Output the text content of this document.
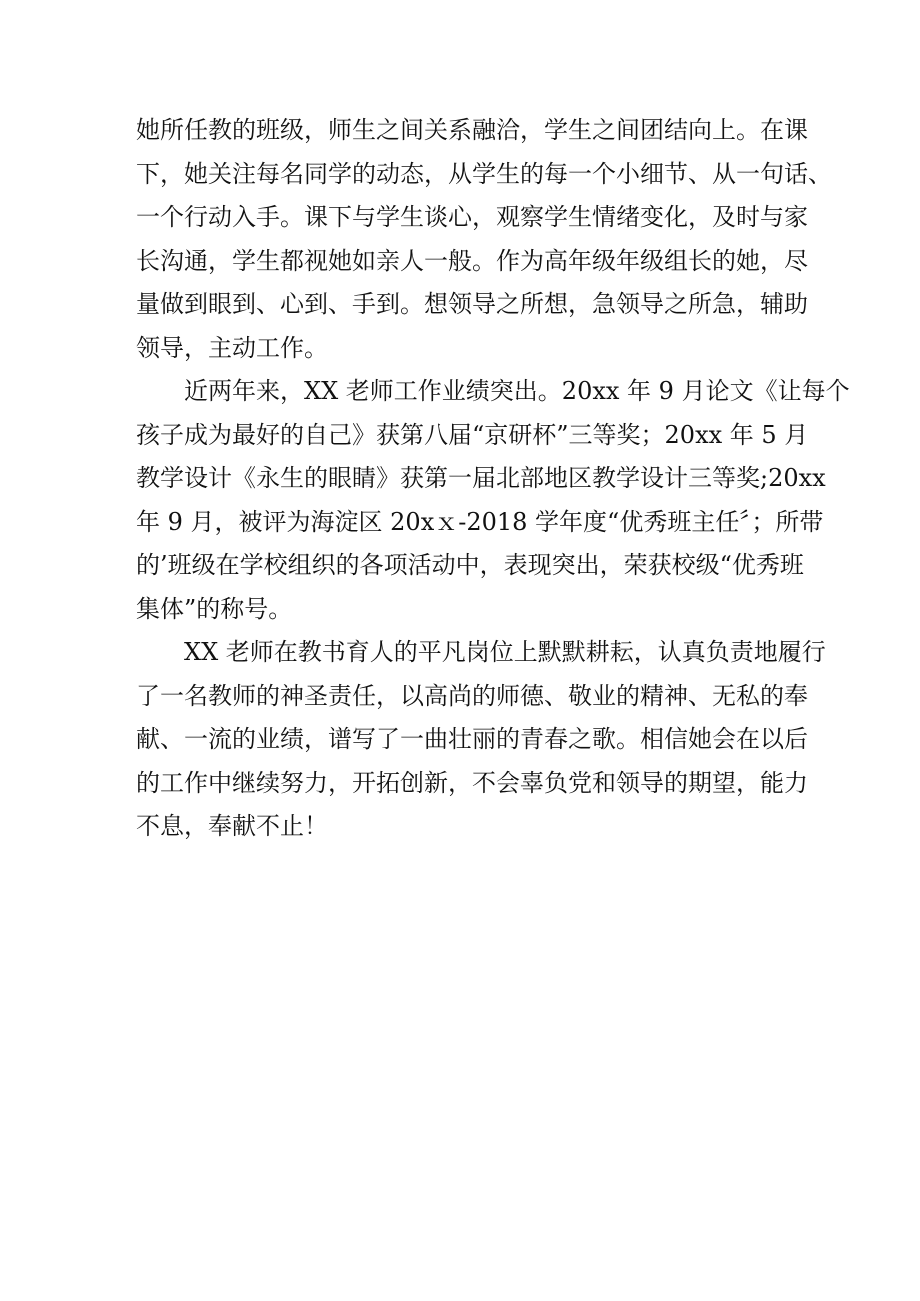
她所任教的班级，师生之间关系融洽，学生之间团结向上。在课
下，她关注每名同学的动态，从学生的每一个小细节、从一句话、
一个行动入手。课下与学生谈心，观察学生情绪变化，及时与家
长沟通，学生都视她如亲人一般。作为高年级年级组长的她，尽
量做到眼到、心到、手到。想领导之所想，急领导之所急，辅助
领导，主动工作。
近两年来，XX 老师工作业绩突出。20xx 年 9 月论文《让每个
孩子成为最好的自己》获第八届“京研杯”三等奖；20xx 年 5 月
教学设计《永生的眼睛》获第一届北部地区教学设计三等奖;20xx
年 9 月，被评为海淀区 20xｘ-2018 学年度“优秀班主任〞；所带
的’班级在学校组织的各项活动中，表现突出，荣获校级“优秀班
集体”的称号。
XX 老师在教书育人的平凡岗位上默默耕耘，认真负责地履行
了一名教师的神圣责任，以高尚的师德、敬业的精神、无私的奉
献、一流的业绩，谱写了一曲壮丽的青春之歌。相信她会在以后
的工作中继续努力，开拓创新，不会辜负党和领导的期望，能力
不息，奉献不止！
